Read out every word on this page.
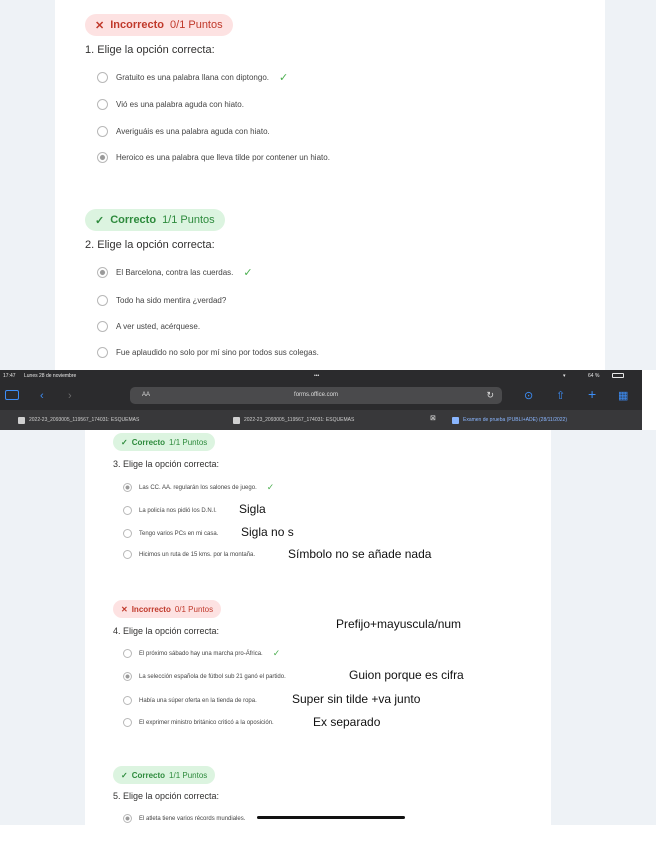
✕ Incorrecto 0/1 Puntos
1. Elige la opción correcta:
Gratuito es una palabra llana con diptongo. ✓
Vió es una palabra aguda con hiato.
Averiguáis es una palabra aguda con hiato.
Heroico es una palabra que lleva tilde por contener un hiato.
✓ Correcto 1/1 Puntos
2. Elige la opción correcta:
El Barcelona, contra las cuerdas. ✓
Todo ha sido mentira ¿verdad?
A ver usted, acérquese.
Fue aplaudido no solo por mí sino por todos sus colegas.
17:47 Lunes 28 de noviembre	•••	▾	64 %
‹ ›	AA	forms.office.com	↻	⊙ ⇧ + ▦
2022-23_2093005_119567_174031: ESQUEMAS	2022-23_2093005_119567_174031: ESQUEMAS	⊠	Examen de prueba (PUBLI+ADE) (28/11/2022)
✓ Correcto 1/1 Puntos
3. Elige la opción correcta:
Las CC. AA. regularán los salones de juego. ✓
La policía nos pidió los D.N.I.
Tengo varios PCs en mi casa.
Hicimos un ruta de 15 kms. por la montaña.
Sigla
Sigla no s
Símbolo no se añade nada
✕ Incorrecto 0/1 Puntos
4. Elige la opción correcta:
El próximo sábado hay una marcha pro-África. ✓
La selección española de fútbol sub 21 ganó el partido.
Había una súper oferta en la tienda de ropa.
El exprimer ministro británico criticó a la oposición.
Prefijo+mayuscula/num
Guion porque es cifra
Super sin tilde +va junto
Ex separado
✓ Correcto 1/1 Puntos
5. Elige la opción correcta:
El atleta tiene varios récords mundiales.
